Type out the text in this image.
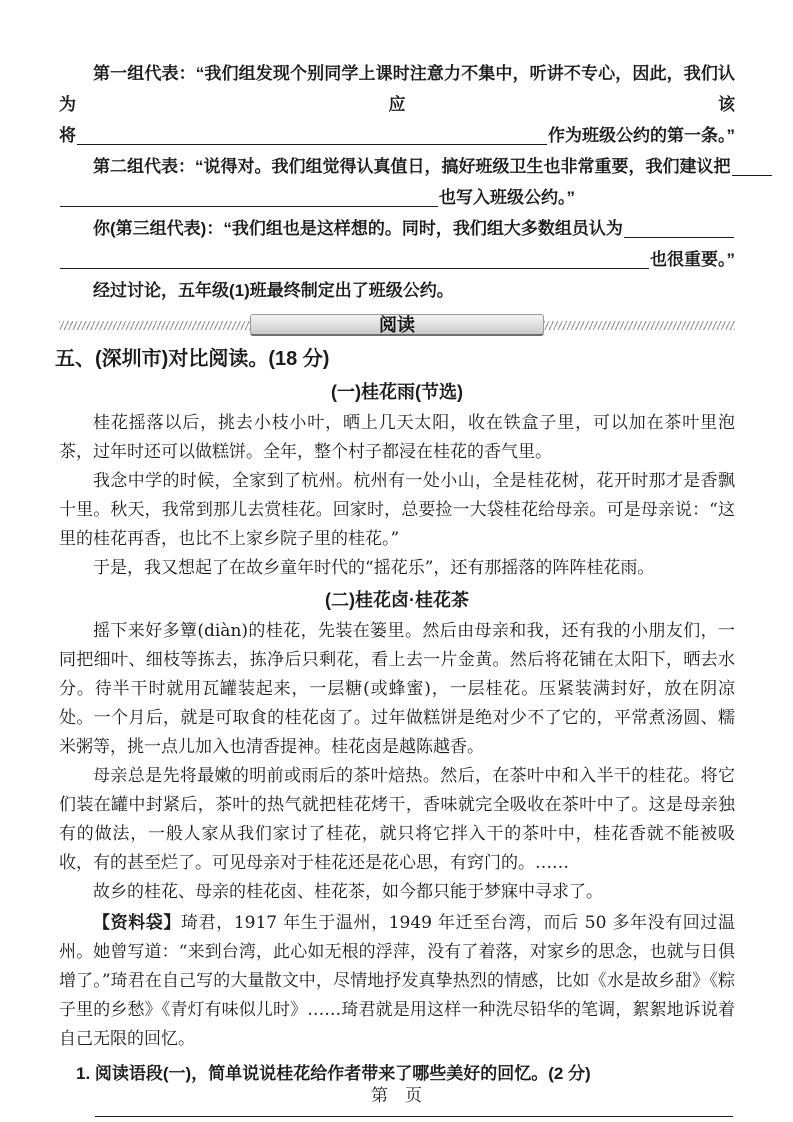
第一组代表：“我们组发现个别同学上课时注意力不集中，听讲不专心，因此，我们认为应该
将	作为班级公约的第一条。”
第二组代表：“说得对。我们组觉得认真值日，搞好班级卫生也非常重要，我们建议把
也写入班级公约。”
你(第三组代表)：“我们组也是这样想的。同时，我们组大多数组员认为
也很重要。”
经过讨论，五年级(1)班最终制定出了班级公约。
阅读
五、(深圳市)对比阅读。(18 分)
(一)桂花雨(节选)

桂花摇落以后，挑去小枝小叶，晒上几天太阳，收在铁盒子里，可以加在茶叶里泡茶，过年时还可以做糕饼。全年，整个村子都浸在桂花的香气里。

我念中学的时候，全家到了杭州。杭州有一处小山，全是桂花树，花开时那才是香飘十里。秋天，我常到那儿去赏桂花。回家时，总要捡一大袋桂花给母亲。可是母亲说：“这里的桂花再香，也比不上家乡院子里的桂花。”

于是，我又想起了在故乡童年时代的“摇花乐”，还有那摇落的阵阵桂花雨。

(二)桂花卤·桂花茶

摇下来好多簟(diàn)的桂花，先装在篓里。然后由母亲和我，还有我的小朋友们，一同把细叶、细枝等拣去，拣净后只剩花，看上去一片金黄。然后将花铺在太阳下，晒去水分。待半干时就用瓦罐装起来，一层糖(或蜂蜜)，一层桂花。压紧装满封好，放在阴凉处。一个月后，就是可取食的桂花卤了。过年做糕饼是绝对少不了它的，平常煮汤圆、糯米粥等，挑一点儿加入也清香提神。桂花卤是越陈越香。

母亲总是先将最嫩的明前或雨后的茶叶焙热。然后，在茶叶中和入半干的桂花。将它们装在罐中封紧后，茶叶的热气就把桂花烤干，香味就完全吸收在茶叶中了。这是母亲独有的做法，一般人家从我们家讨了桂花，就只将它拌入干的茶叶中，桂花香就不能被吸收，有的甚至烂了。可见母亲对于桂花还是花心思，有窍门的。……

故乡的桂花、母亲的桂花卤、桂花茶，如今都只能于梦寐中寻求了。

【资料袋】琦君，1917 年生于温州，1949 年迁至台湾，而后 50 多年没有回过温州。她曾写道：“来到台湾，此心如无根的浮萍，没有了着落，对家乡的思念，也就与日俱增了。”琦君在自己写的大量散文中，尽情地抒发真挚热烈的情感，比如《水是故乡甜》《粽子里的乡愁》《青灯有味似儿时》……琦君就是用这样一种洗尽铅华的笔调，絮絮地诉说着自己无限的回忆。

1. 阅读语段(一)，简单说说桂花给作者带来了哪些美好的回忆。(2 分)
第　页
